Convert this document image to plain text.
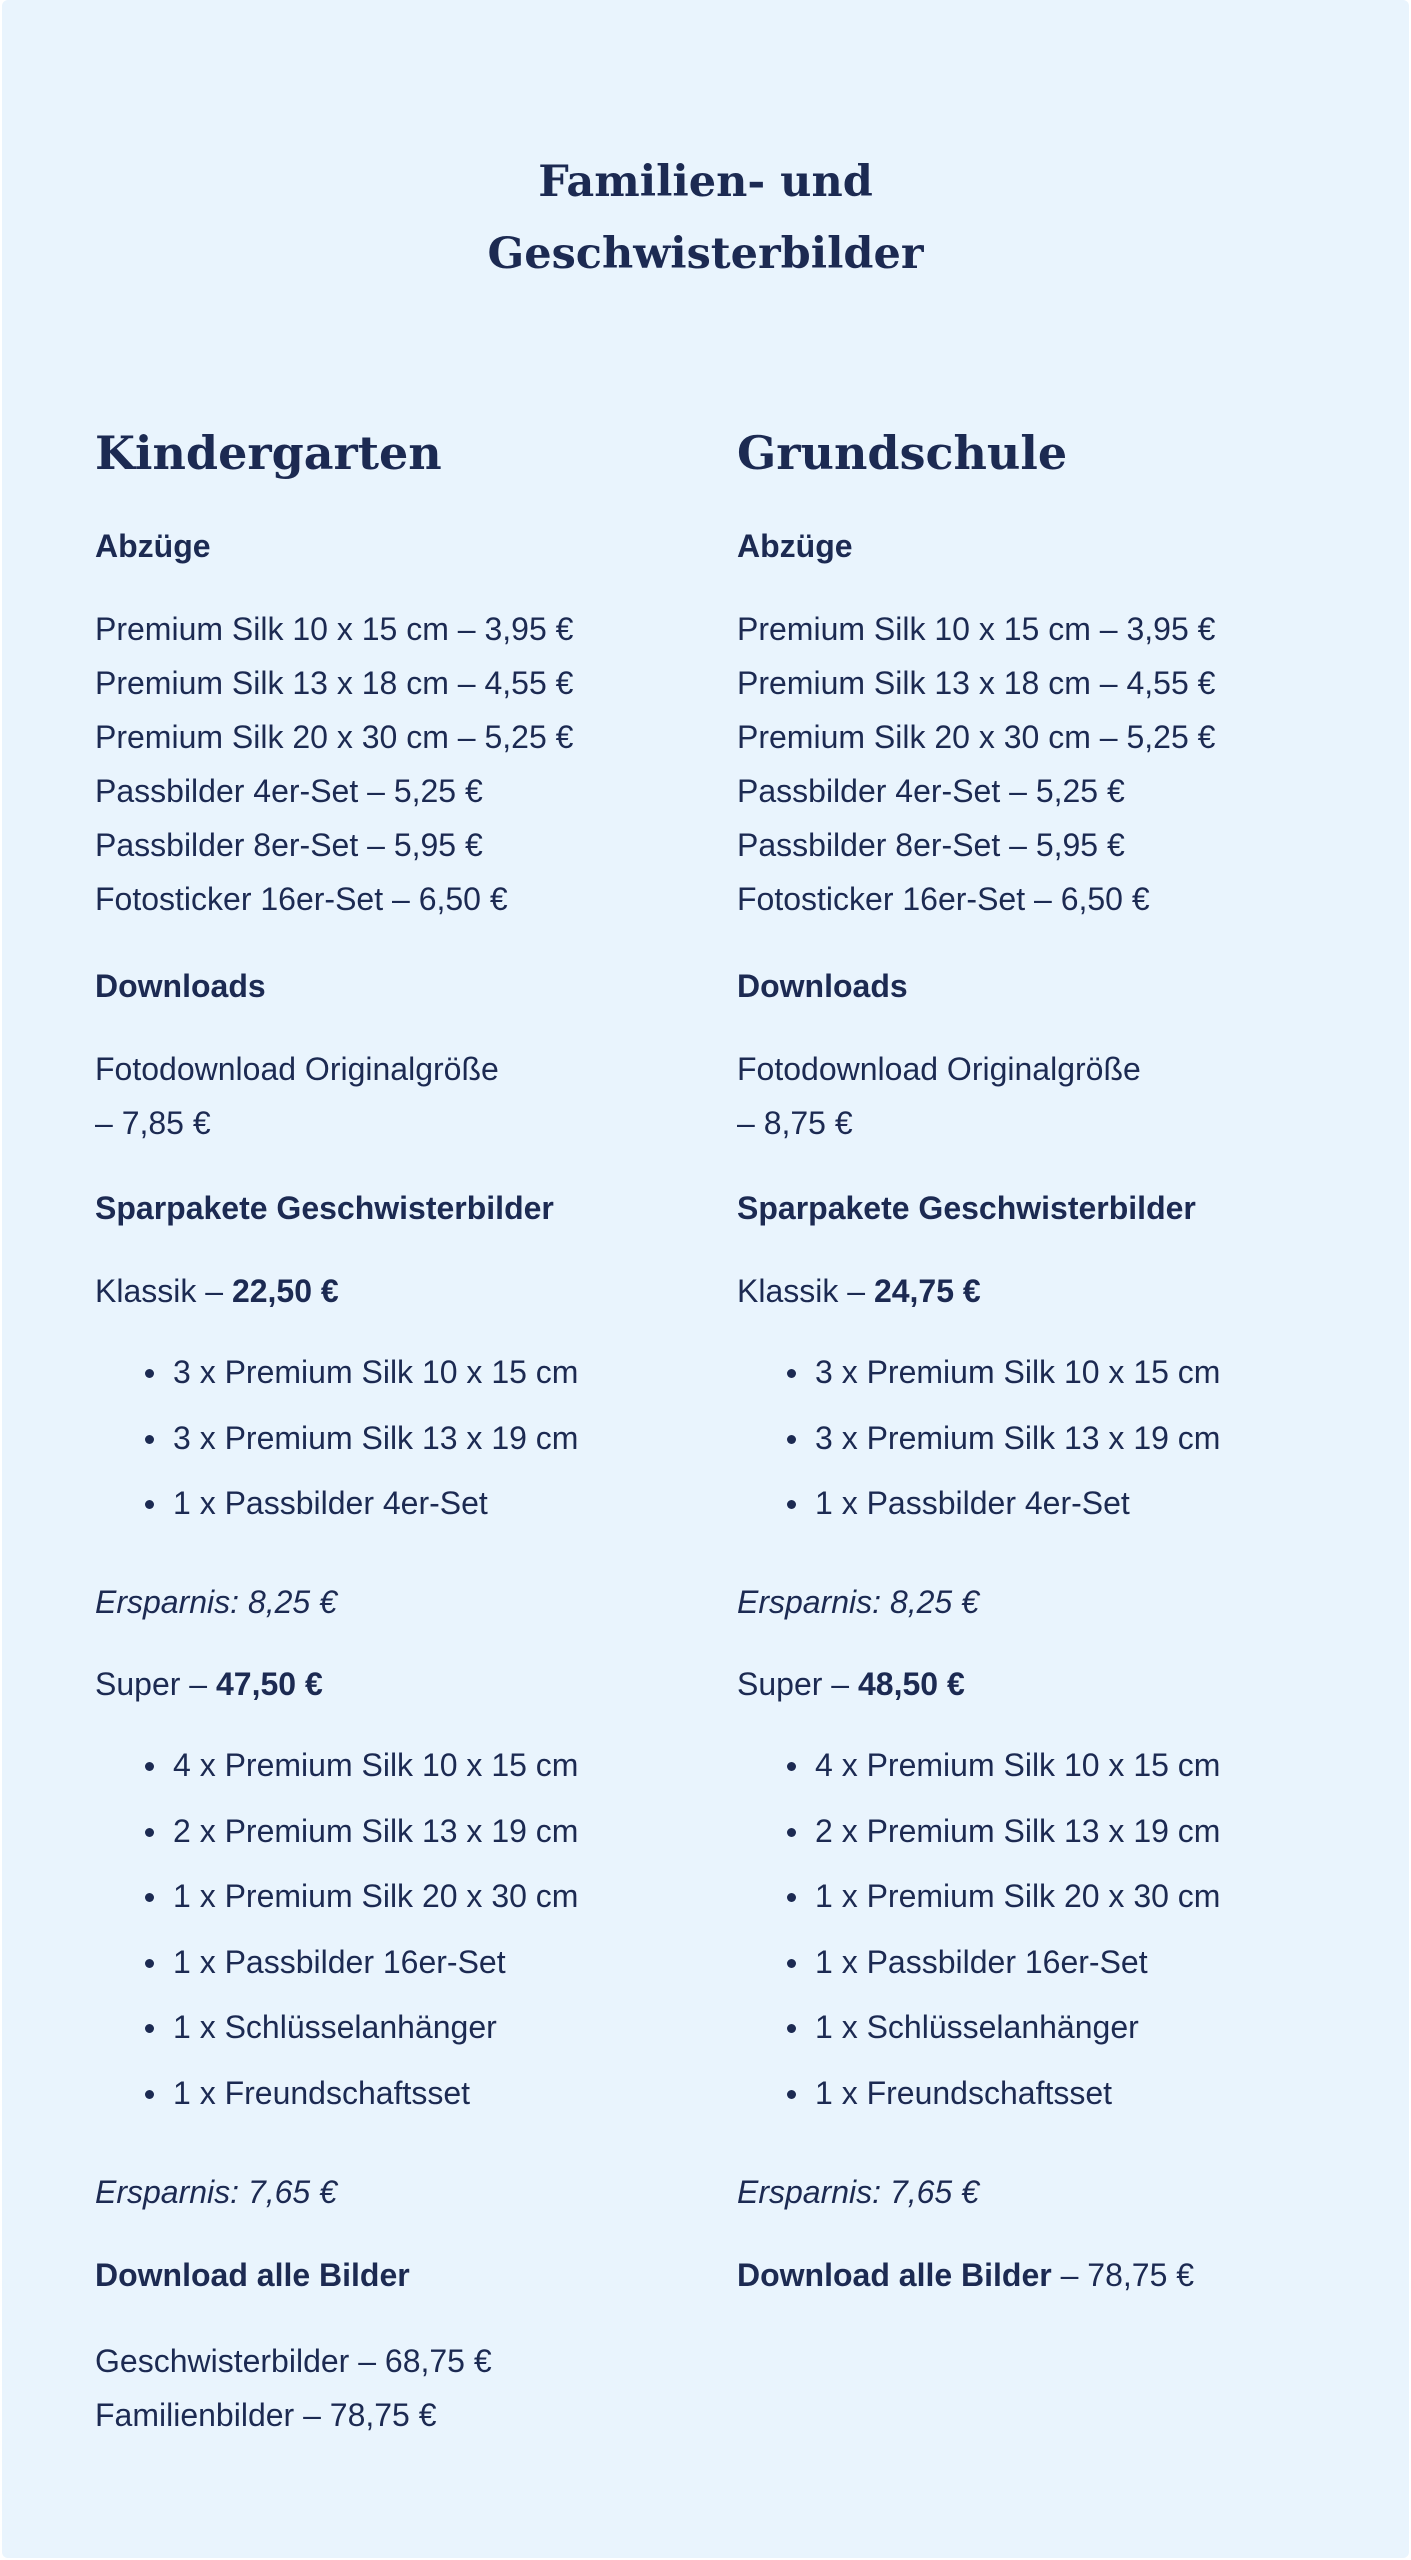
Familien- und
Geschwisterbilder
Kindergarten
Abzüge
Premium Silk 10 x 15 cm – 3,95 €
Premium Silk 13 x 18 cm – 4,55 €
Premium Silk 20 x 30 cm – 5,25 €
Passbilder 4er-Set – 5,25 €
Passbilder 8er-Set – 5,95 €
Fotosticker 16er-Set – 6,50 €
Downloads
Fotodownload Originalgröße
– 7,85 €
Sparpakete Geschwisterbilder
Klassik – 22,50 €
3 x Premium Silk 10 x 15 cm
3 x Premium Silk 13 x 19 cm
1 x Passbilder 4er-Set
Ersparnis: 8,25 €
Super – 47,50 €
4 x Premium Silk 10 x 15 cm
2 x Premium Silk 13 x 19 cm
1 x Premium Silk 20 x 30 cm
1 x Passbilder 16er-Set
1 x Schlüsselanhänger
1 x Freundschaftsset
Ersparnis: 7,65 €
Download alle Bilder
Geschwisterbilder – 68,75 €
Familienbilder – 78,75 €
Grundschule
Abzüge
Premium Silk 10 x 15 cm – 3,95 €
Premium Silk 13 x 18 cm – 4,55 €
Premium Silk 20 x 30 cm – 5,25 €
Passbilder 4er-Set – 5,25 €
Passbilder 8er-Set – 5,95 €
Fotosticker 16er-Set – 6,50 €
Downloads
Fotodownload Originalgröße
– 8,75 €
Sparpakete Geschwisterbilder
Klassik – 24,75 €
3 x Premium Silk 10 x 15 cm
3 x Premium Silk 13 x 19 cm
1 x Passbilder 4er-Set
Ersparnis: 8,25 €
Super – 48,50 €
4 x Premium Silk 10 x 15 cm
2 x Premium Silk 13 x 19 cm
1 x Premium Silk 20 x 30 cm
1 x Passbilder 16er-Set
1 x Schlüsselanhänger
1 x Freundschaftsset
Ersparnis: 7,65 €
Download alle Bilder – 78,75 €
